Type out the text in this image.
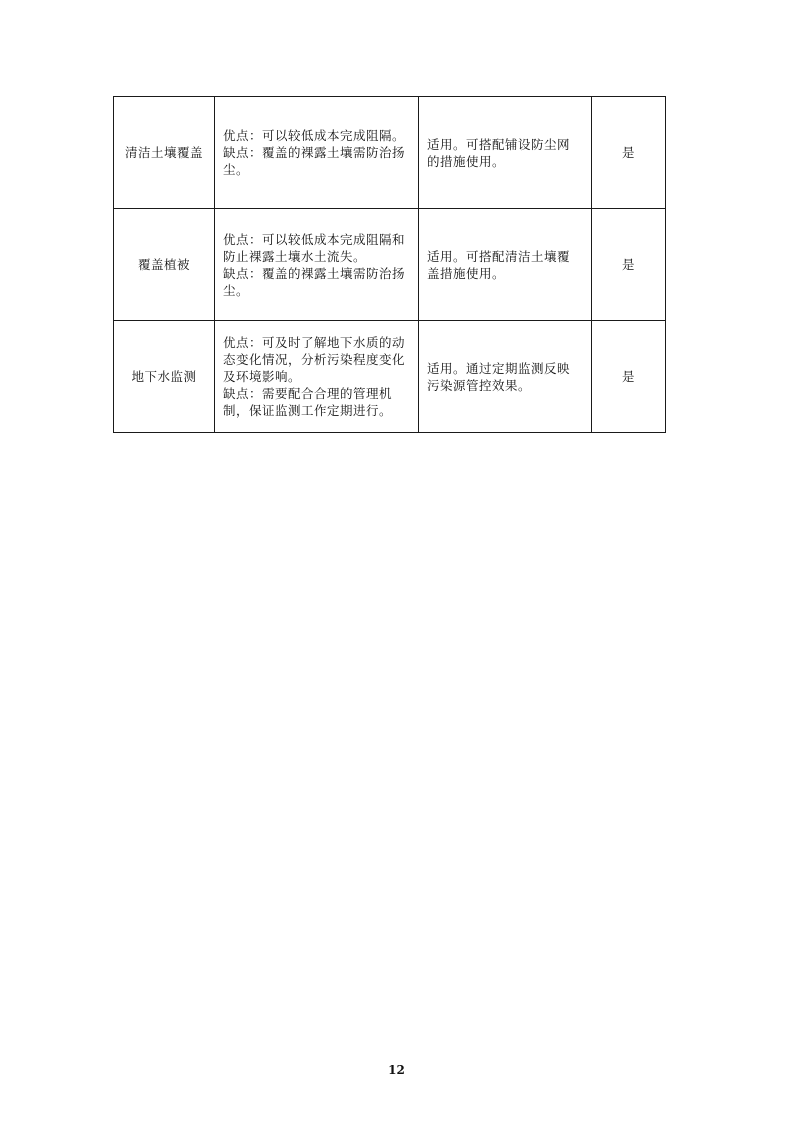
清洁土壤覆盖	优点：可以较低成本完成阻隔。
缺点：覆盖的裸露土壤需防治扬
尘。	适用。可搭配铺设防尘网
的措施使用。	是
覆盖植被	优点：可以较低成本完成阻隔和
防止裸露土壤水土流失。
缺点：覆盖的裸露土壤需防治扬
尘。	适用。可搭配清洁土壤覆
盖措施使用。	是
地下水监测	优点：可及时了解地下水质的动
态变化情况，分析污染程度变化
及环境影响。
缺点：需要配合合理的管理机
制，保证监测工作定期进行。	适用。通过定期监测反映
污染源管控效果。	是
12
